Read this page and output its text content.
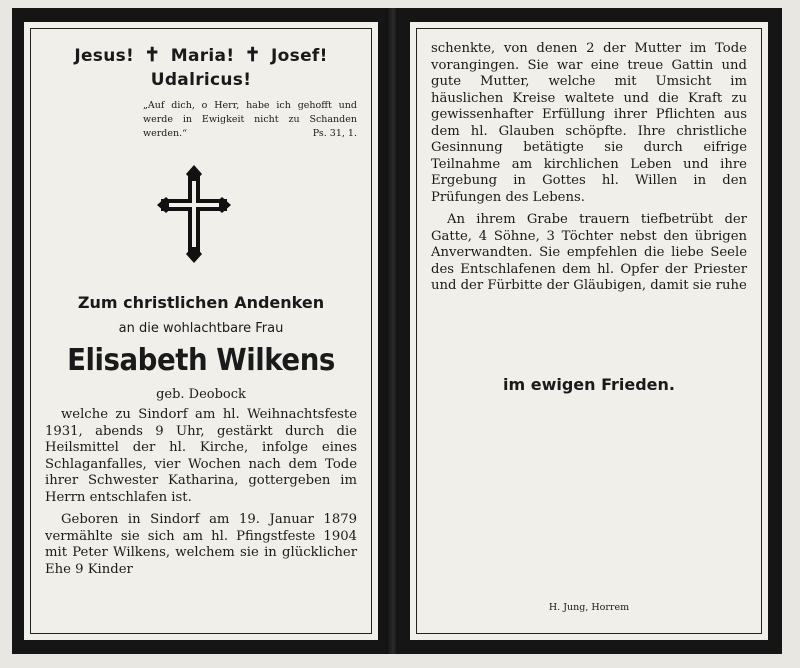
Jesus! ✝ Maria! ✝ Josef!
Udalricus!
„Auf dich, o Herr, habe ich gehofft und werde in Ewigkeit nicht zu Schanden werden.“	Ps. 31, 1.
Zum christlichen Andenken
an die wohlachtbare Frau
Elisabeth Wilkens
geb. Deobock

welche zu Sindorf am hl. Weihnachtsfeste 1931, abends 9 Uhr, gestärkt durch die Heilsmittel der hl. Kirche, infolge eines Schlaganfalles, vier Wochen nach dem Tode ihrer Schwester Katharina, gottergeben im Herrn entschlafen ist.

Geboren in Sindorf am 19. Januar 1879 vermählte sie sich am hl. Pfingstfeste 1904 mit Peter Wilkens, welchem sie in glücklicher Ehe 9 Kinder

schenkte, von denen 2 der Mutter im Tode vorangingen. Sie war eine treue Gattin und gute Mutter, welche mit Umsicht im häuslichen Kreise waltete und die Kraft zu gewissenhafter Erfüllung ihrer Pflichten aus dem hl. Glauben schöpfte. Ihre christliche Gesinnung betätigte sie durch eifrige Teilnahme am kirchlichen Leben und ihre Ergebung in Gottes hl. Willen in den Prüfungen des Lebens.

An ihrem Grabe trauern tiefbetrübt der Gatte, 4 Söhne, 3 Töchter nebst den übrigen Anverwandten. Sie empfehlen die liebe Seele des Entschlafenen dem hl. Opfer der Priester und der Fürbitte der Gläubigen, damit sie ruhe

im ewigen Frieden.
H. Jung, Horrem
